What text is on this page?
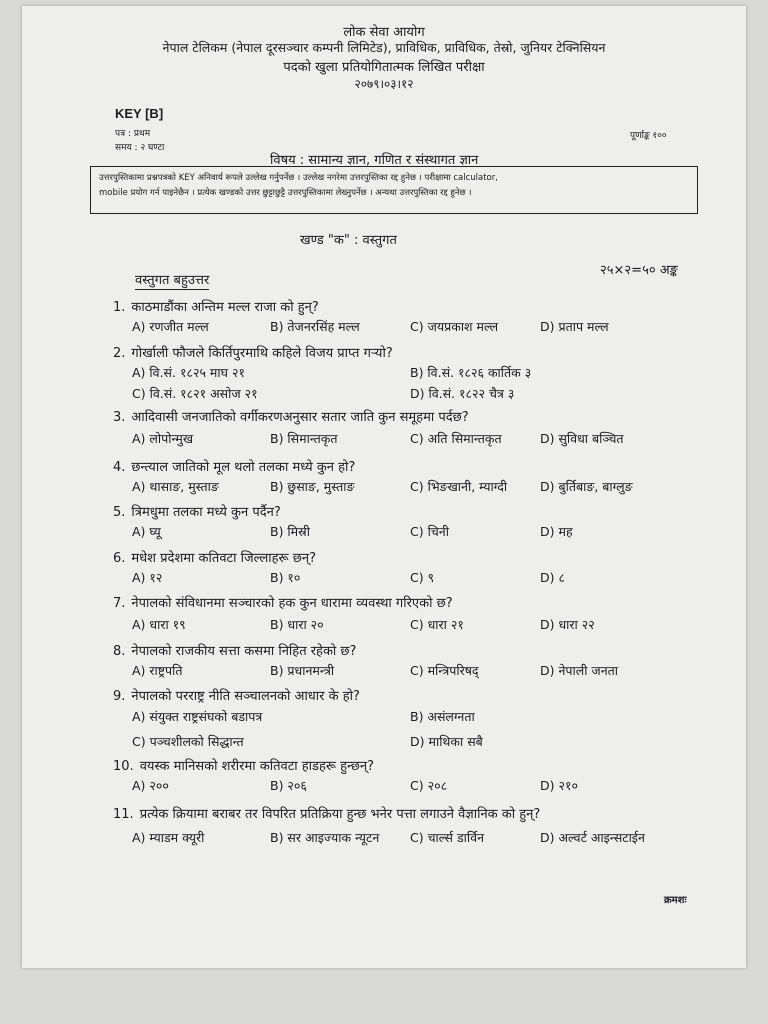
लोक सेवा आयोग
नेपाल टेलिकम (नेपाल दूरसञ्चार कम्पनी लिमिटेड), प्राविधिक, प्राविधिक, तेस्रो, जुनियर टेक्निसियन
पदको खुला प्रतियोगितात्मक लिखित परीक्षा
२०७९।०३।१२
KEY [B]
पत्र : प्रथम
समय : २ घण्टा
पूर्णाङ्क १००
विषय : सामान्य ज्ञान, गणित र संस्थागत ज्ञान
उत्तरपुस्तिकामा प्रश्नपत्रको KEY अनिवार्य रूपले उल्लेख गर्नुपर्नेछ । उल्लेख नगरेमा उत्तरपुस्तिका रद्द हुनेछ । परीक्षामा calculator,
mobile प्रयोग गर्न पाइनेछैन । प्रत्येक खण्डको उत्तर छुट्टाछुट्टै उत्तरपुस्तिकामा लेख्नुपर्नेछ । अन्यथा उत्तरपुस्तिका रद्द हुनेछ ।
खण्ड "क" : वस्तुगत
वस्तुगत बहुउत्तर
२५×२=५० अङ्क
1. काठमाडौंका अन्तिम मल्ल राजा को हुन्?
A) रणजीत मल्ल	B) तेजनरसिंह मल्ल	C) जयप्रकाश मल्ल	D) प्रताप मल्ल
2. गोर्खाली फौजले किर्तिपुरमाथि कहिले विजय प्राप्त गर्‍यो?
A) वि.सं. १८२५ माघ २१	B) वि.सं. १८२६ कार्तिक ३
C) वि.सं. १८२१ असोज २१	D) वि.सं. १८२२ चैत्र ३
3. आदिवासी जनजातिको वर्गीकरणअनुसार सतार जाति कुन समूहमा पर्दछ?
A) लोपोन्मुख	B) सिमान्तकृत	C) अति सिमान्तकृत	D) सुविधा बञ्चित
4. छन्त्याल जातिको मूल थलो तलका मध्ये कुन हो?
A) थासाङ, मुस्ताङ	B) छुसाङ, मुस्ताङ	C) भिङखानी, म्याग्दी	D) बुर्तिबाङ, बाग्लुङ
5. त्रिमधुमा तलका मध्ये कुन पर्दैन?
A) घ्यू	B) मिस्री	C) चिनी	D) मह
6. मधेश प्रदेशमा कतिवटा जिल्लाहरू छन्?
A) १२	B) १०	C) ९	D) ८
7. नेपालको संविधानमा सञ्चारको हक कुन धारामा व्यवस्था गरिएको छ?
A) धारा १९	B) धारा २०	C) धारा २१	D) धारा २२
8. नेपालको राजकीय सत्ता कसमा निहित रहेको छ?
A) राष्ट्रपति	B) प्रधानमन्त्री	C) मन्त्रिपरिषद्	D) नेपाली जनता
9. नेपालको परराष्ट्र नीति सञ्चालनको आधार के हो?
A) संयुक्त राष्ट्रसंघको बडापत्र	B) असंलग्नता
C) पञ्चशीलको सिद्धान्त	D) माथिका सबै
10. वयस्क मानिसको शरीरमा कतिवटा हाडहरू हुन्छन्?
A) २००	B) २०६	C) २०८	D) २१०
11. प्रत्येक क्रियामा बराबर तर विपरित प्रतिक्रिया हुन्छ भनेर पत्ता लगाउने वैज्ञानिक को हुन्?
A) म्याडम क्यूरी	B) सर आइज्याक न्यूटन C) चार्ल्स डार्विन	D) अल्वर्ट आइन्सटाईन
क्रमशः
